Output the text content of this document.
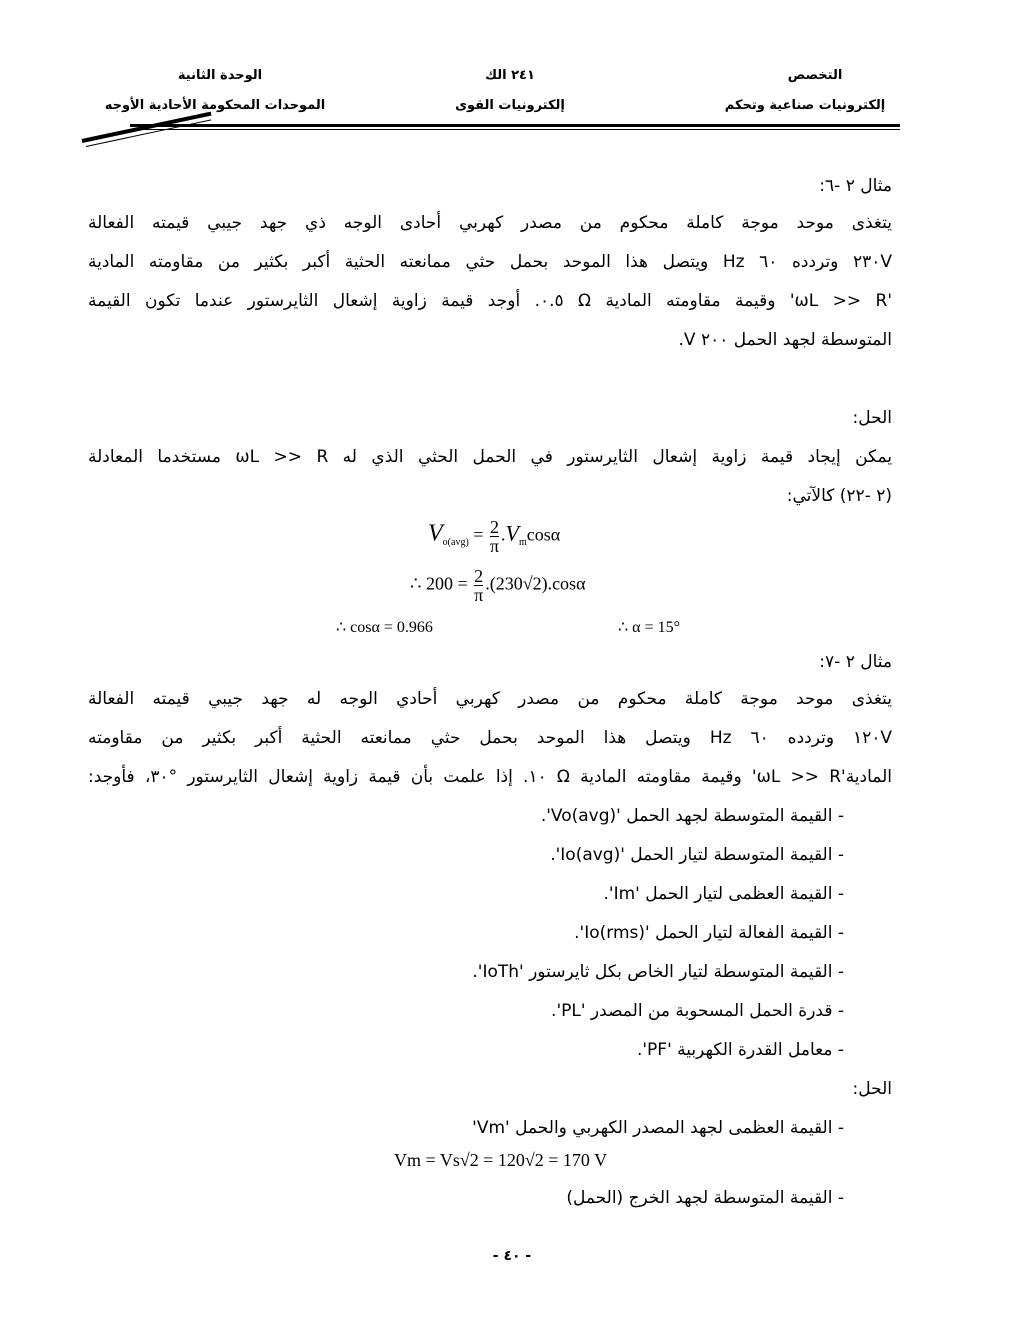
التخصص
إلكترونيات صناعية وتحكم
٢٤١ الك
إلكترونيات القوى
الوحدة الثانية
الموحدات المحكومة الأحادية الأوجه
مثال ٢ -٦:
يتغذى موحد موجة كاملة محكوم من مصدر كهربي أحادى الوجه ذي جهد جيبي قيمته الفعالة
٢٣٠V وتردده ٦٠ Hz ويتصل هذا الموحد بحمل حثي ممانعته الحثية أكبر بكثير من مقاومته المادية
'ωL >> R' وقيمة مقاومته المادية Ω ٠.٥. أوجد قيمة زاوية إشعال الثايرستور عندما تكون القيمة
المتوسطة لجهد الحمل ٢٠٠ V.
الحل:
يمكن إيجاد قيمة زاوية إشعال الثايرستور في الحمل الحثي الذي له ωL >> R مستخدما المعادلة
(٢ -٢٢) كالآتي:
$V_{o(avg)} = \frac{2}{\pi} .V_m\cos\alpha$
∴ $200 = \frac{2}{\pi} .(230√2).\cos\alpha$
∴ cosα = 0.966	∴ α = 15°
مثال ٢ -٧:
يتغذى موحد موجة كاملة محكوم من مصدر كهربي أحادي الوجه له جهد جيبي قيمته الفعالة
١٢٠V وتردده ٦٠ Hz ويتصل هذا الموحد بحمل حثي ممانعته الحثية أكبر بكثير من مقاومته
المادية'ωL >> R' وقيمة مقاومته المادية Ω ١٠. إذا علمت بأن قيمة زاوية إشعال الثايرستور °٣٠، فأوجد:
- القيمة المتوسطة لجهد الحمل 'Vo(avg)'.
- القيمة المتوسطة لتيار الحمل 'Io(avg)'.
- القيمة العظمى لتيار الحمل 'Im'.
- القيمة الفعالة لتيار الحمل 'Io(rms)'.
- القيمة المتوسطة لتيار الخاص بكل ثايرستور 'IoTh'.
- قدرة الحمل المسحوبة من المصدر 'PL'.
- معامل القدرة الكهربية 'PF'.
الحل:
- القيمة العظمى لجهد المصدر الكهربي والحمل 'Vm'
Vm = Vs√2 = 120√2 = 170 V
- القيمة المتوسطة لجهد الخرج (الحمل)
- ٤٠ -
